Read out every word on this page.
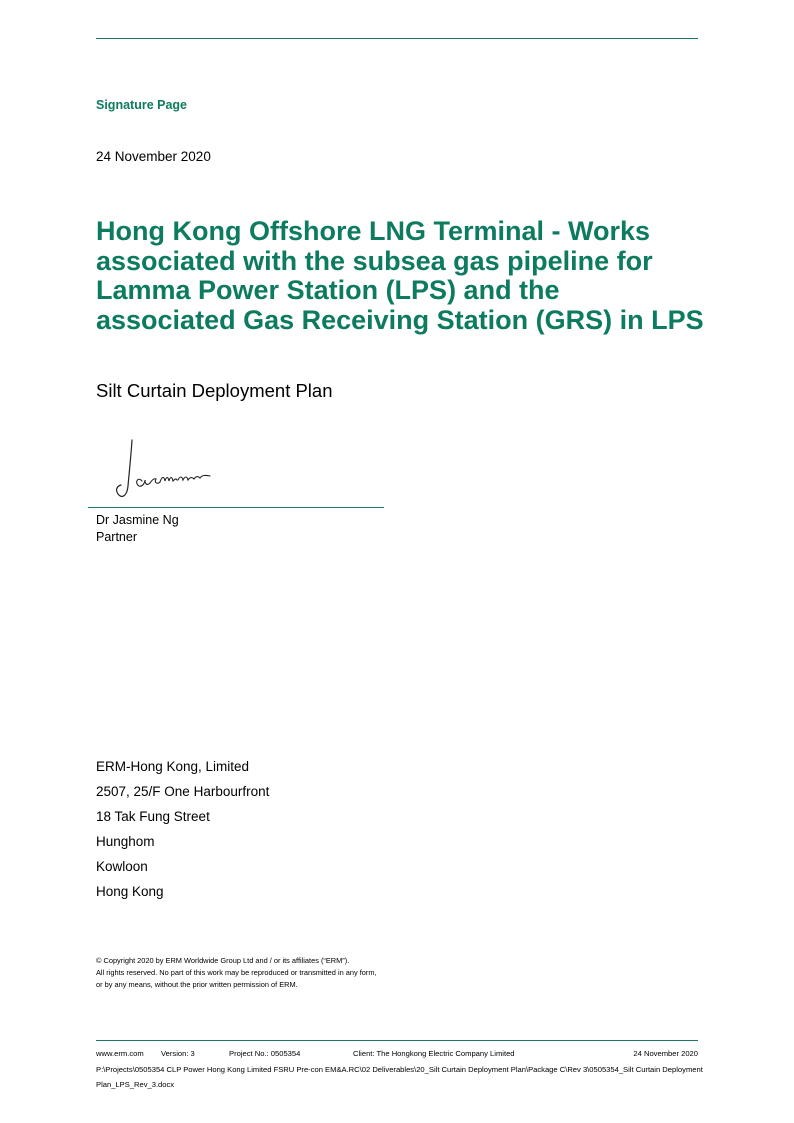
Signature Page
24 November 2020
Hong Kong Offshore LNG Terminal - Works associated with the subsea gas pipeline for Lamma Power Station (LPS) and the associated Gas Receiving Station (GRS) in LPS
Silt Curtain Deployment Plan
Dr Jasmine Ng
Partner
ERM-Hong Kong, Limited
2507, 25/F One Harbourfront
18 Tak Fung Street
Hunghom
Kowloon
Hong Kong
© Copyright 2020 by ERM Worldwide Group Ltd and / or its affiliates (“ERM”).
All rights reserved. No part of this work may be reproduced or transmitted in any form,
or by any means, without the prior written permission of ERM.
www.erm.com Version: 3	Project No.: 0505354	Client: The Hongkong Electric Company Limited	24 November 2020
P:\Projects\0505354 CLP Power Hong Kong Limited FSRU Pre-con EM&A.RC\02 Deliverables\20_Silt Curtain Deployment Plan\Package C\Rev 3\0505354_Silt Curtain Deployment Plan_LPS_Rev_3.docx
